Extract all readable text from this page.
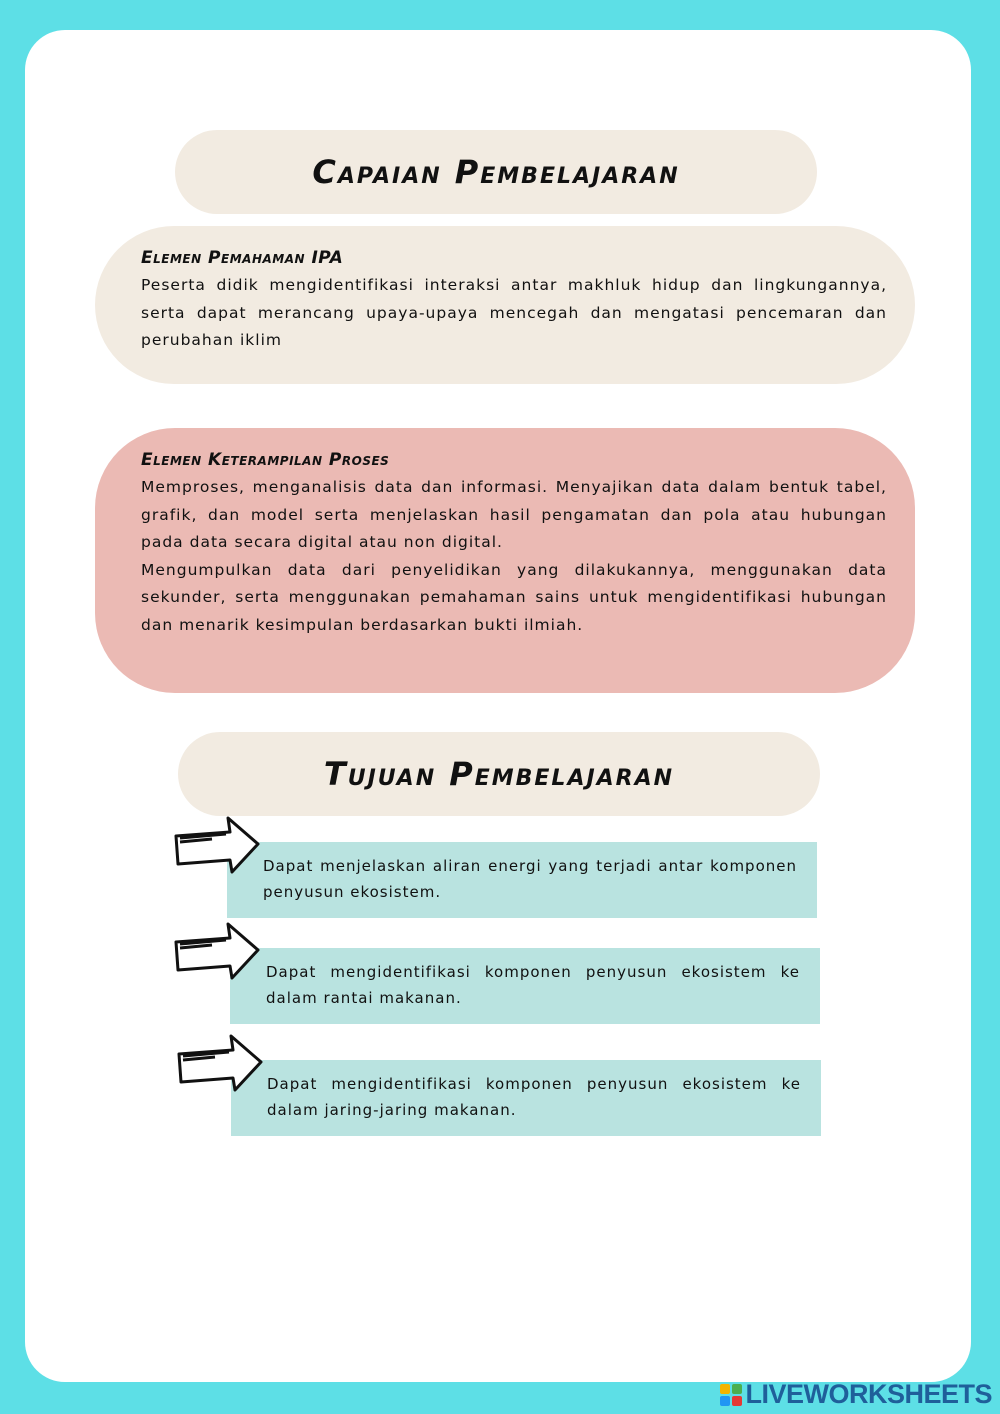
Capaian Pembelajaran

Elemen Pemahaman IPA

Peserta didik mengidentifikasi interaksi antar makhluk hidup dan lingkungannya, serta dapat merancang upaya-upaya mencegah dan mengatasi pencemaran dan perubahan iklim

Elemen Keterampilan Proses

Memproses, menganalisis data dan informasi. Menyajikan data dalam bentuk tabel, grafik, dan model serta menjelaskan hasil pengamatan dan pola atau hubungan pada data secara digital atau non digital.

Mengumpulkan data dari penyelidikan yang dilakukannya, menggunakan data sekunder, serta menggunakan pemahaman sains untuk mengidentifikasi hubungan dan menarik kesimpulan berdasarkan bukti ilmiah.

Tujuan Pembelajaran

Dapat menjelaskan aliran energi yang terjadi antar komponen penyusun ekosistem.

Dapat mengidentifikasi komponen penyusun ekosistem ke dalam rantai makanan.

Dapat mengidentifikasi komponen penyusun ekosistem ke dalam jaring-jaring makanan.

LIVEWORKSHEETS
